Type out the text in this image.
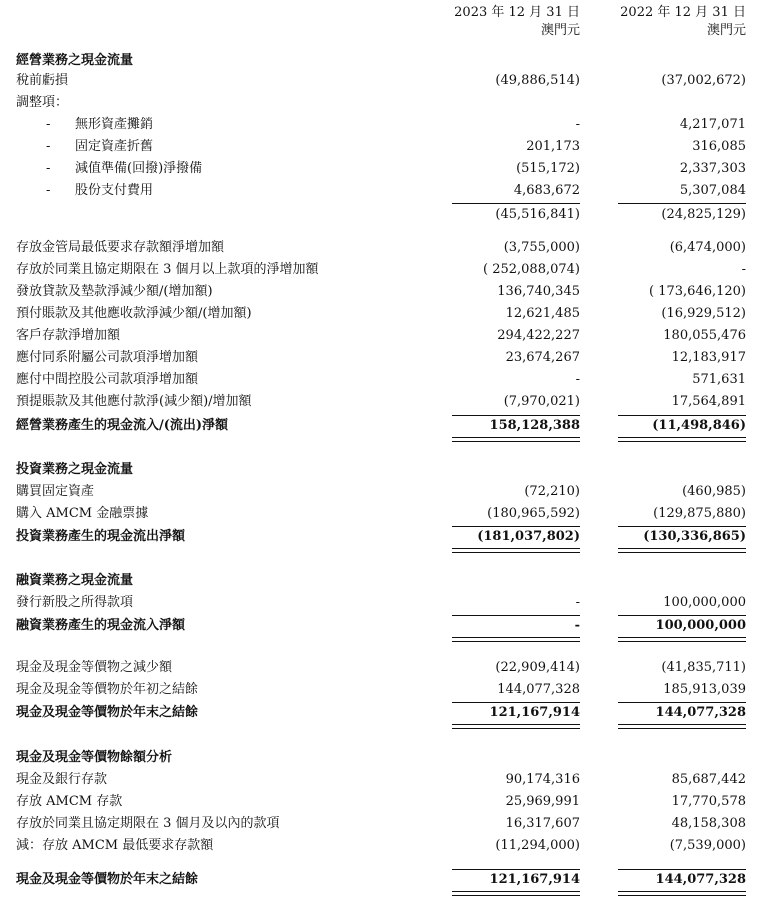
2023 年 12 月 31 日
澳門元
2022 年 12 月 31 日
澳門元
經營業務之現金流量
稅前虧損	(49,886,514)	(37,002,672)
調整項：
- 無形資產攤銷	-	4,217,071
- 固定資產折舊	201,173	316,085
- 減值準備(回撥)淨撥備	(515,172)	2,337,303
- 股份支付費用	4,683,672	5,307,084
(45,516,841)	(24,825,129)
存放金管局最低要求存款額淨增加額	(3,755,000)	(6,474,000)
存放於同業且協定期限在 3 個月以上款項的淨增加額	( 252,088,074)	-
發放貸款及墊款淨減少額/(增加額)	136,740,345	( 173,646,120)
預付賬款及其他應收款淨減少額/(增加額)	12,621,485	(16,929,512)
客戶存款淨增加額	294,422,227	180,055,476
應付同系附屬公司款項淨增加額	23,674,267	12,183,917
應付中間控股公司款項淨增加額	-	571,631
預提賬款及其他應付款淨(減少額)/增加額	(7,970,021)	17,564,891
經營業務產生的現金流入/(流出)淨額	158,128,388	(11,498,846)
投資業務之現金流量
購買固定資產	(72,210)	(460,985)
購入 AMCM 金融票據	(180,965,592)	(129,875,880)
投資業務產生的現金流出淨額	(181,037,802)	(130,336,865)
融資業務之現金流量
發行新股之所得款項	-	100,000,000
融資業務產生的現金流入淨額	-	100,000,000
現金及現金等價物之減少額	(22,909,414)	(41,835,711)
現金及現金等價物於年初之結餘	144,077,328	185,913,039
現金及現金等價物於年末之結餘	121,167,914	144,077,328
現金及現金等價物餘額分析
現金及銀行存款	90,174,316	85,687,442
存放 AMCM 存款	25,969,991	17,770,578
存放於同業且協定期限在 3 個月及以內的款項	16,317,607	48,158,308
減：存放 AMCM 最低要求存款額	(11,294,000)	(7,539,000)
現金及現金等價物於年末之結餘	121,167,914	144,077,328
